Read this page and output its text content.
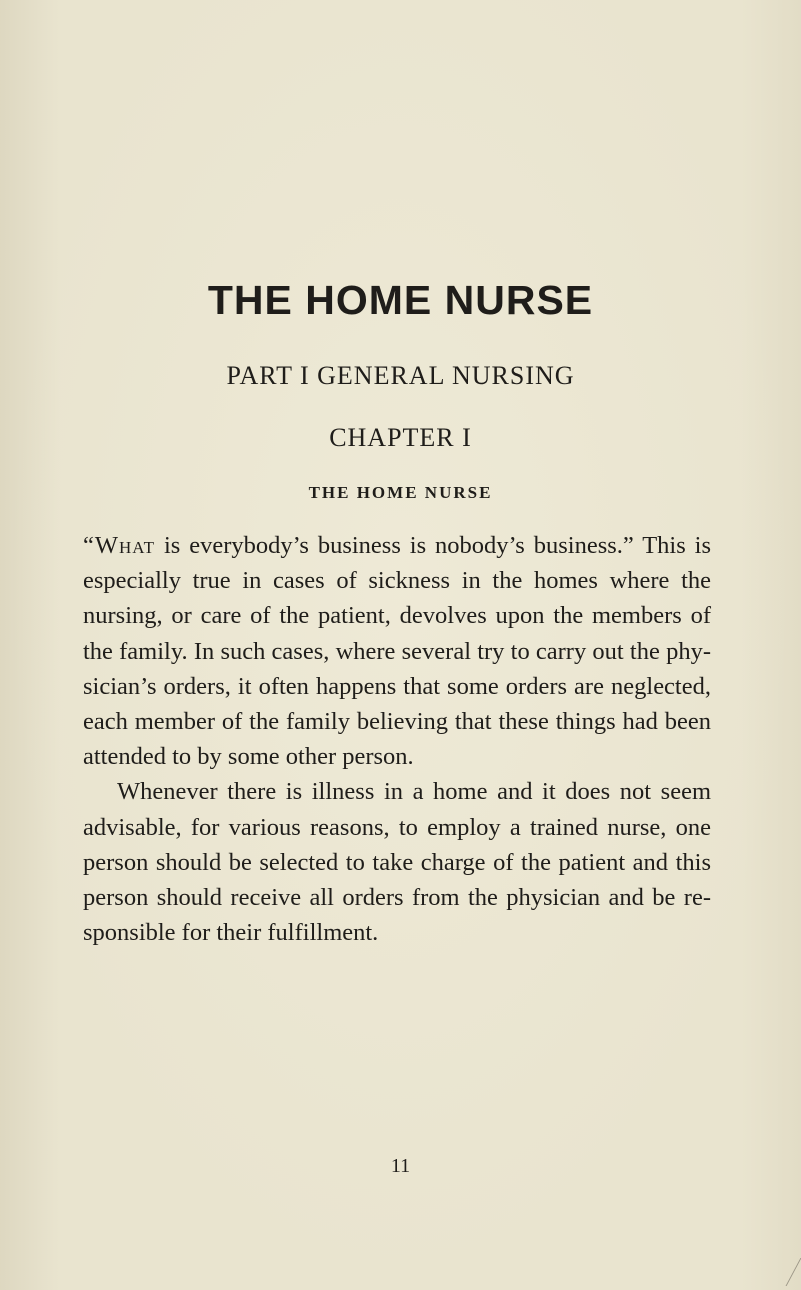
THE HOME NURSE
PART I GENERAL NURSING
CHAPTER I
THE HOME NURSE

“What is everybody’s business is nobody’s business.” This is especially true in cases of sickness in the homes where the nursing, or care of the patient, devolves upon the members of the family. In such cases, where several try to carry out the physician’s orders, it often happens that some orders are neglected, each member of the family believing that these things had been attended to by some other person.

Whenever there is illness in a home and it does not seem advisable, for various reasons, to employ a trained nurse, one person should be selected to take charge of the patient and this person should receive all orders from the physician and be responsible for their fulfillment.

11
